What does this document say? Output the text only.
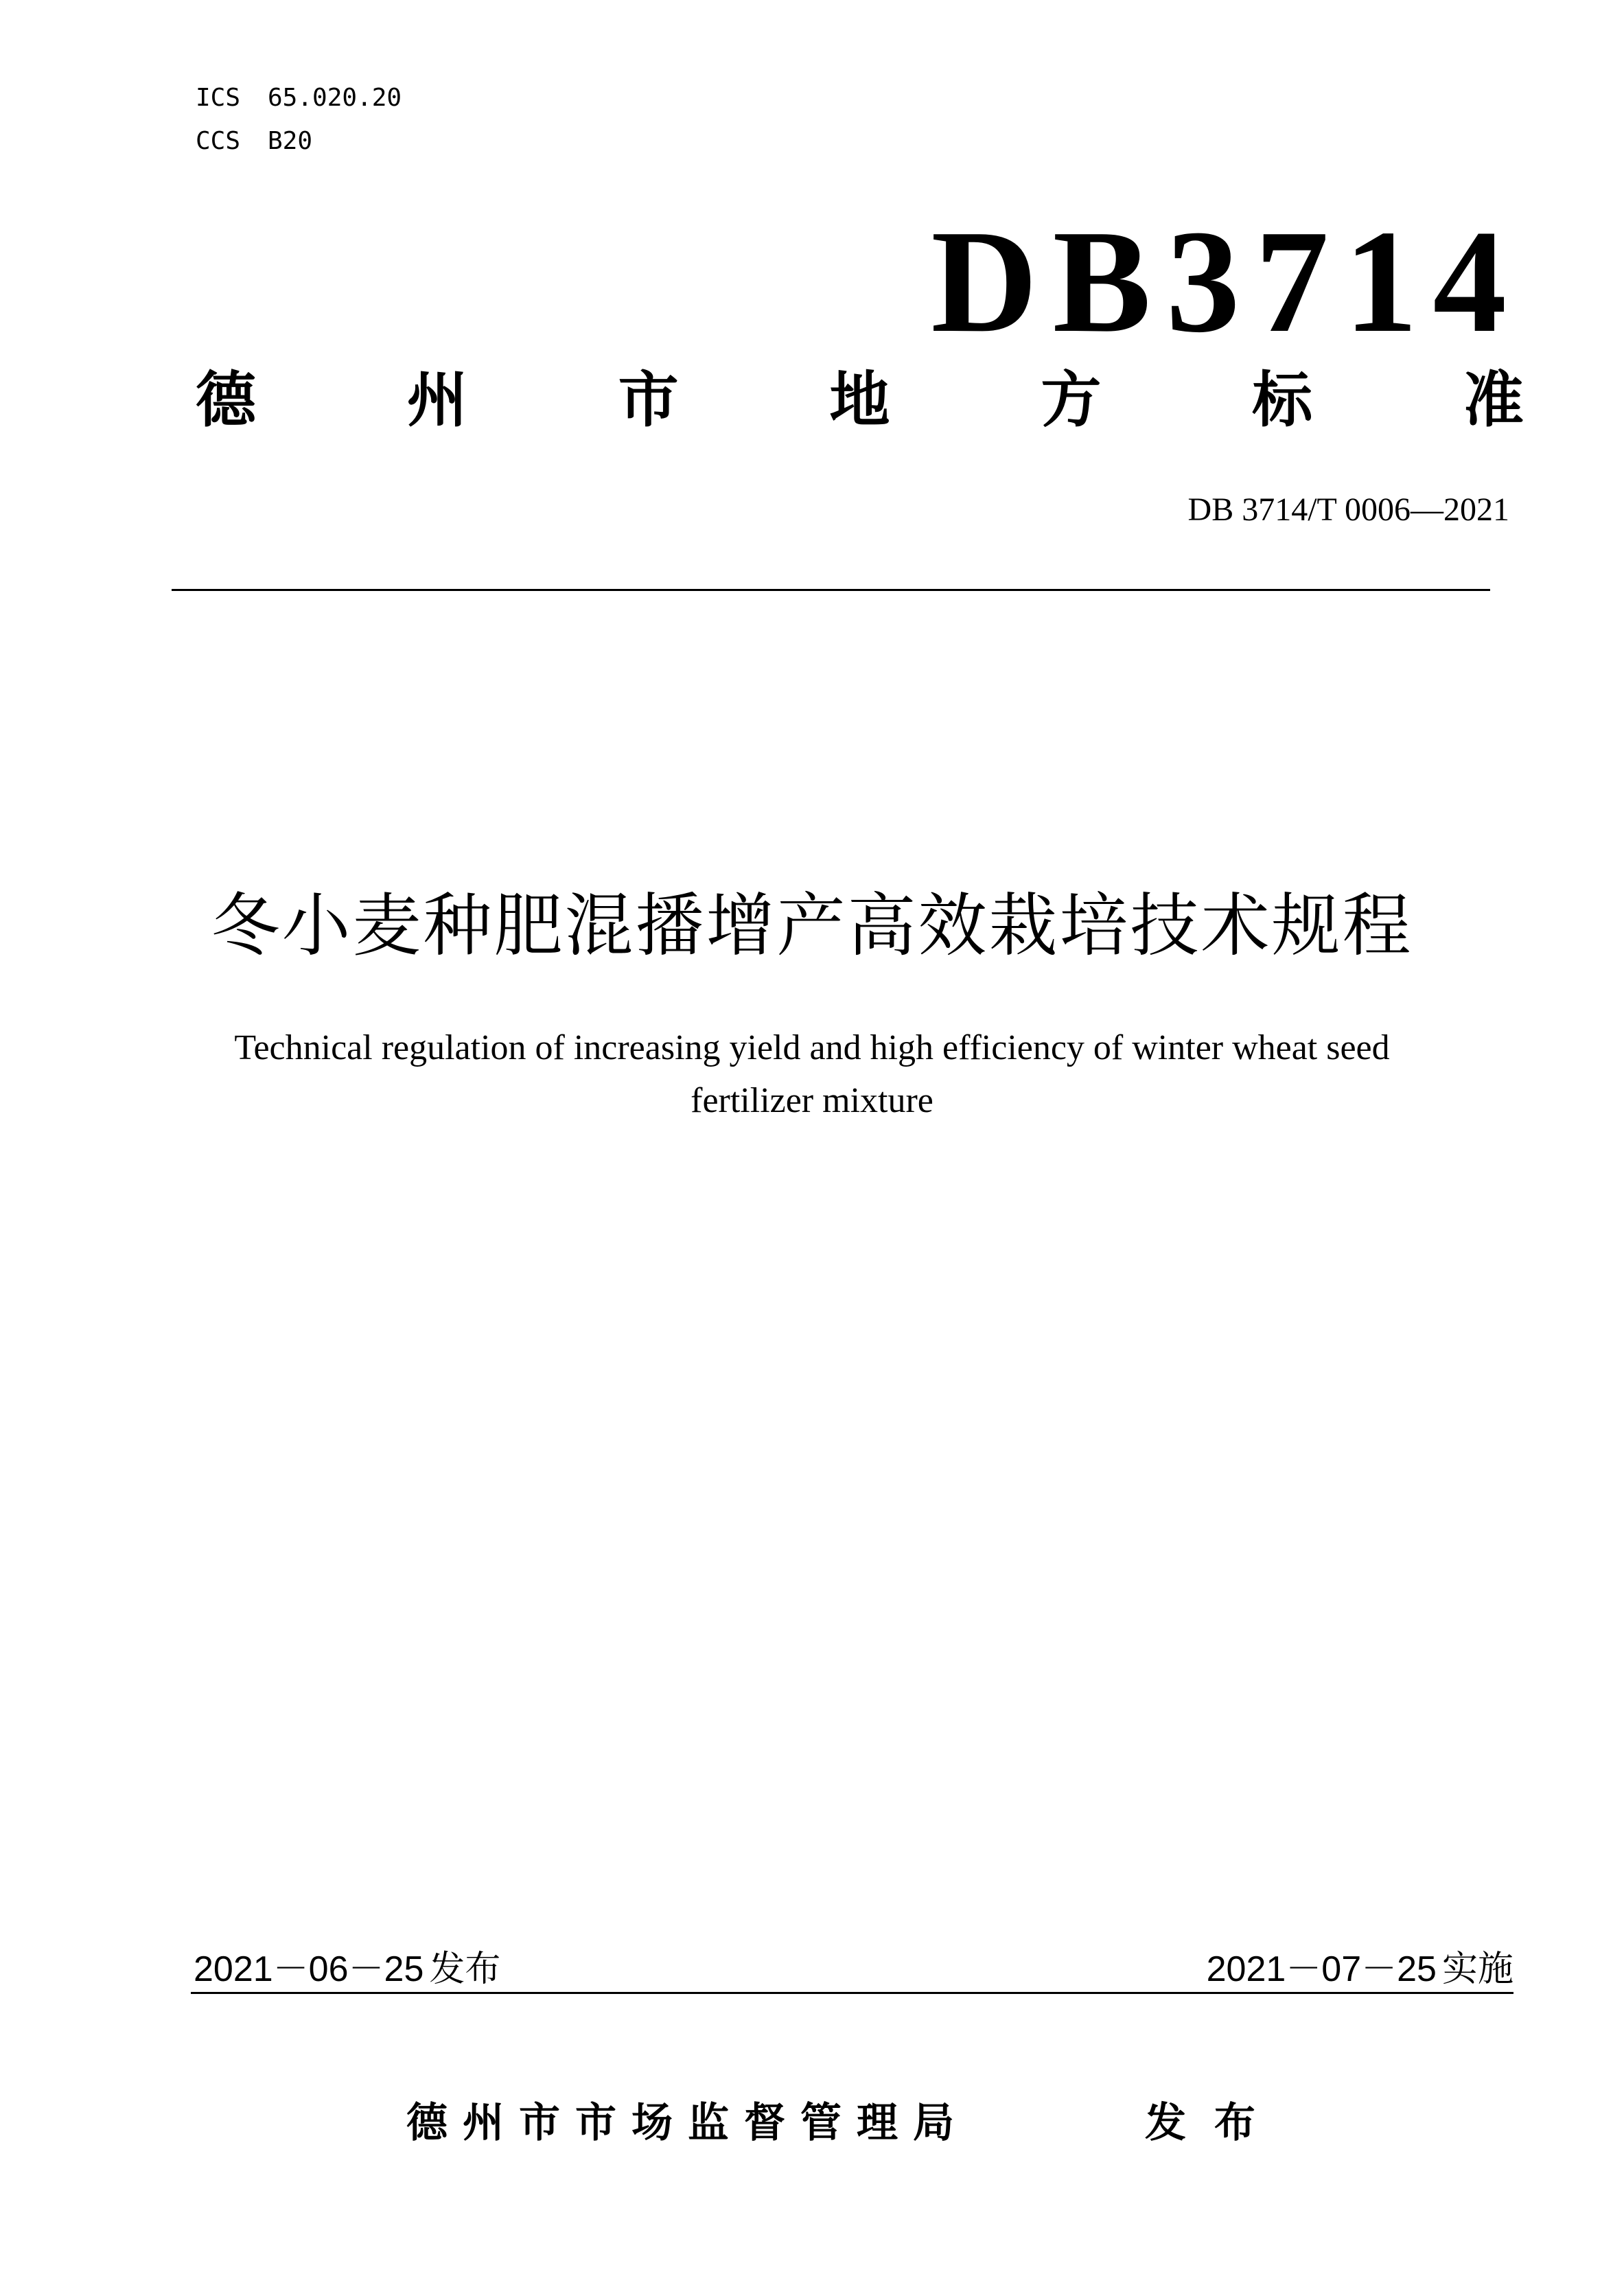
ICS 65.020.20
CCS B20
DB3714
德 州 市 地 方 标 准
DB 3714/T 0006—2021
冬小麦种肥混播增产高效栽培技术规程
Technical regulation of increasing yield and high efficiency of winter wheat seed
fertilizer mixture
2021－06－25 发布	2021－07－25 实施
德州市市场监督管理局	发 布
